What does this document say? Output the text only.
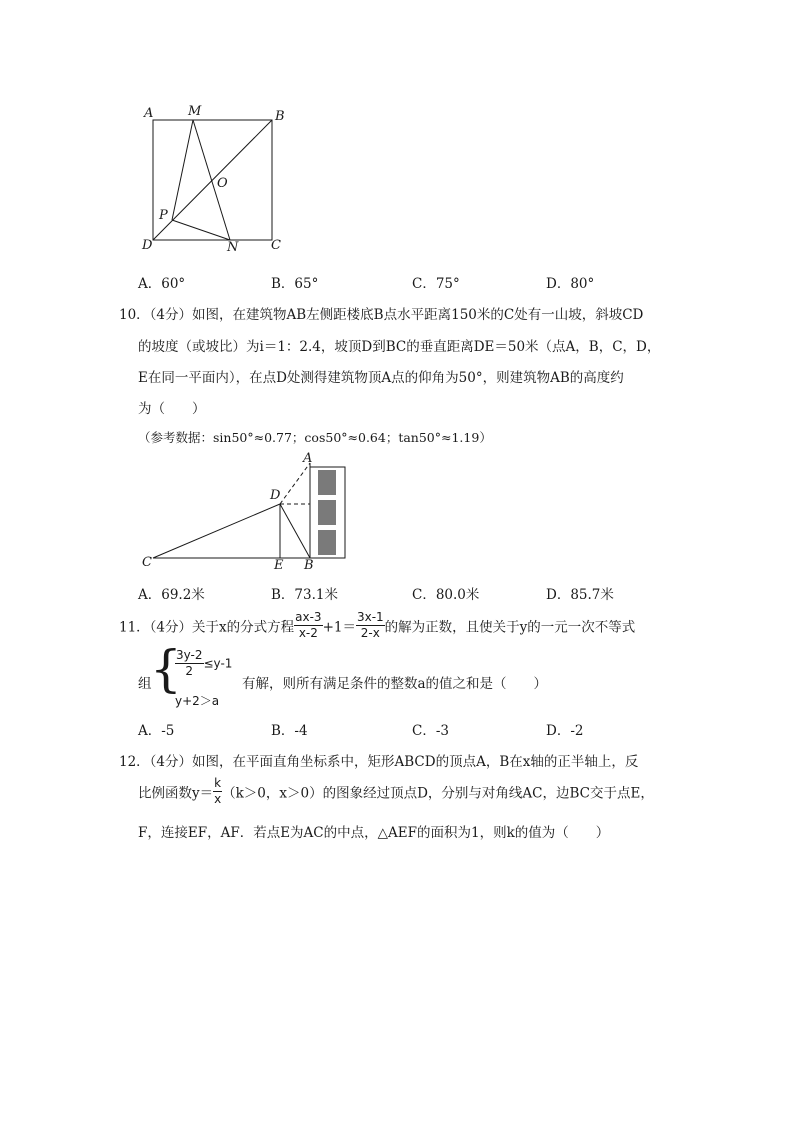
A	M	B
O
P
D	N	C
A．60°	B．65°	C．75°	D．80°
10．（4分）如图，在建筑物AB左侧距楼底B点水平距离150米的C处有一山坡，斜坡CD
的坡度（或坡比）为i＝1：2.4，坡顶D到BC的垂直距离DE＝50米（点A，B，C，D，
E在同一平面内），在点D处测得建筑物顶A点的仰角为50°，则建筑物AB的高度约
为（　　）
（参考数据：sin50°≈0.77；cos50°≈0.64；tan50°≈1.19）
A
D
C	E B
A．69.2米	B．73.1米	C．80.0米	D．85.7米
11．（4分）关于x的分式方程 $\frac{ax-3}{x-2} +1= \frac{3x-1}{2-x}$ 的解为正数，且使关于y的一元一次不等式
组
{
$\frac{3y-2}{2} \le y-1$
y+2＞a
有解，则所有满足条件的整数a的值之和是（　　）
A．-5	B．-4	C．-3	D．-2
12．（4分）如图，在平面直角坐标系中，矩形ABCD的顶点A，B在x轴的正半轴上，反
比例函数$y= \frac{k}{x} (k>0$，x＞0）的图象经过顶点D，分别与对角线AC，边BC交于点E，
F，连接EF，AF．若点E为AC的中点，△AEF的面积为1，则k的值为（　　）
